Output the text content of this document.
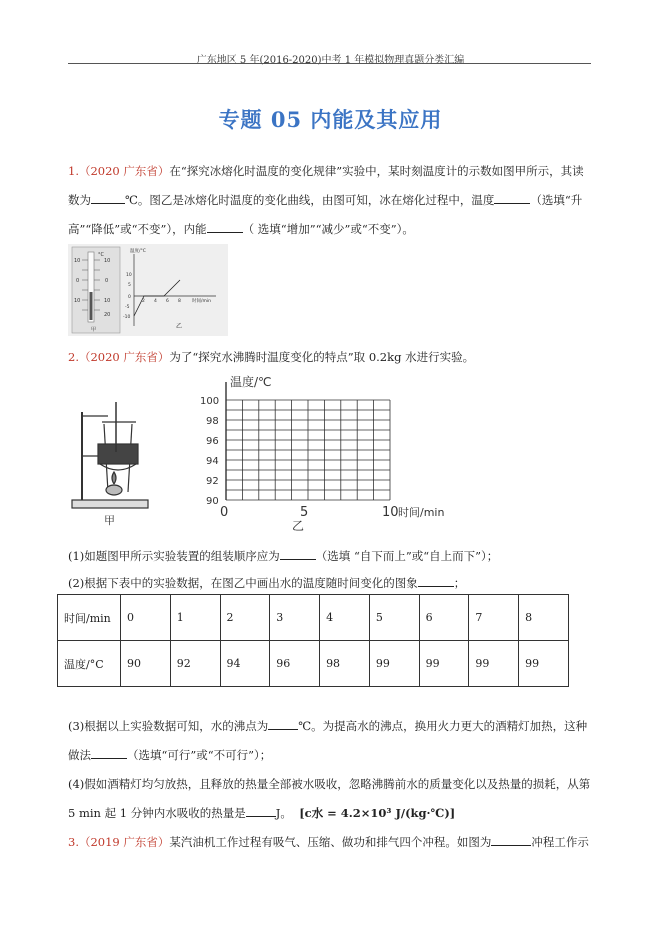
广东地区 5 年(2016-2020)中考 1 年模拟物理真题分类汇编
专题 05 内能及其应用
1.（2020 广东省）在“探究冰熔化时温度的变化规律”实验中，某时刻温度计的示数如图甲所示，其读
数为	℃。图乙是冰熔化时温度的变化曲线，由图可知，冰在熔化过程中，温度	（选填“升
高”“降低”或“不变”），内能	（ 选填“增加”“减少”或“不变”）。
°C
10
0
10
10
0
10
20
甲
温度/°C
10
5
0
-5
-10
2 4 6 8 时间/min
乙
2.（2020 广东省）为了“探究水沸腾时温度变化的特点”取 0.2kg 水进行实验。
甲
温度/℃
100
98
96
94
92
90
0	5	10 时间/min
乙
(1)如题图甲所示实验装置的组装顺序应为	（选填 “自下而上”或“自上而下”）；
(2)根据下表中的实验数据，在图乙中画出水的温度随时间变化的图象	；
时间/min	0	1	2	3	4	5	6	7	8
温度/°C	90	92	94	96	98	99	99	99	99
(3)根据以上实验数据可知，水的沸点为	℃。为提高水的沸点，换用火力更大的酒精灯加热，这种
做法	（选填“可行”或“不可行”）；
(4)假如酒精灯均匀放热，且释放的热量全部被水吸收，忽略沸腾前水的质量变化以及热量的损耗，从第
5 min 起 1 分钟内水吸收的热量是	J。 [c水 = 4.2×10³ J/(kg·℃)]
3.（2019 广东省）某汽油机工作过程有吸气、压缩、做功和排气四个冲程。如图为	冲程工作示
